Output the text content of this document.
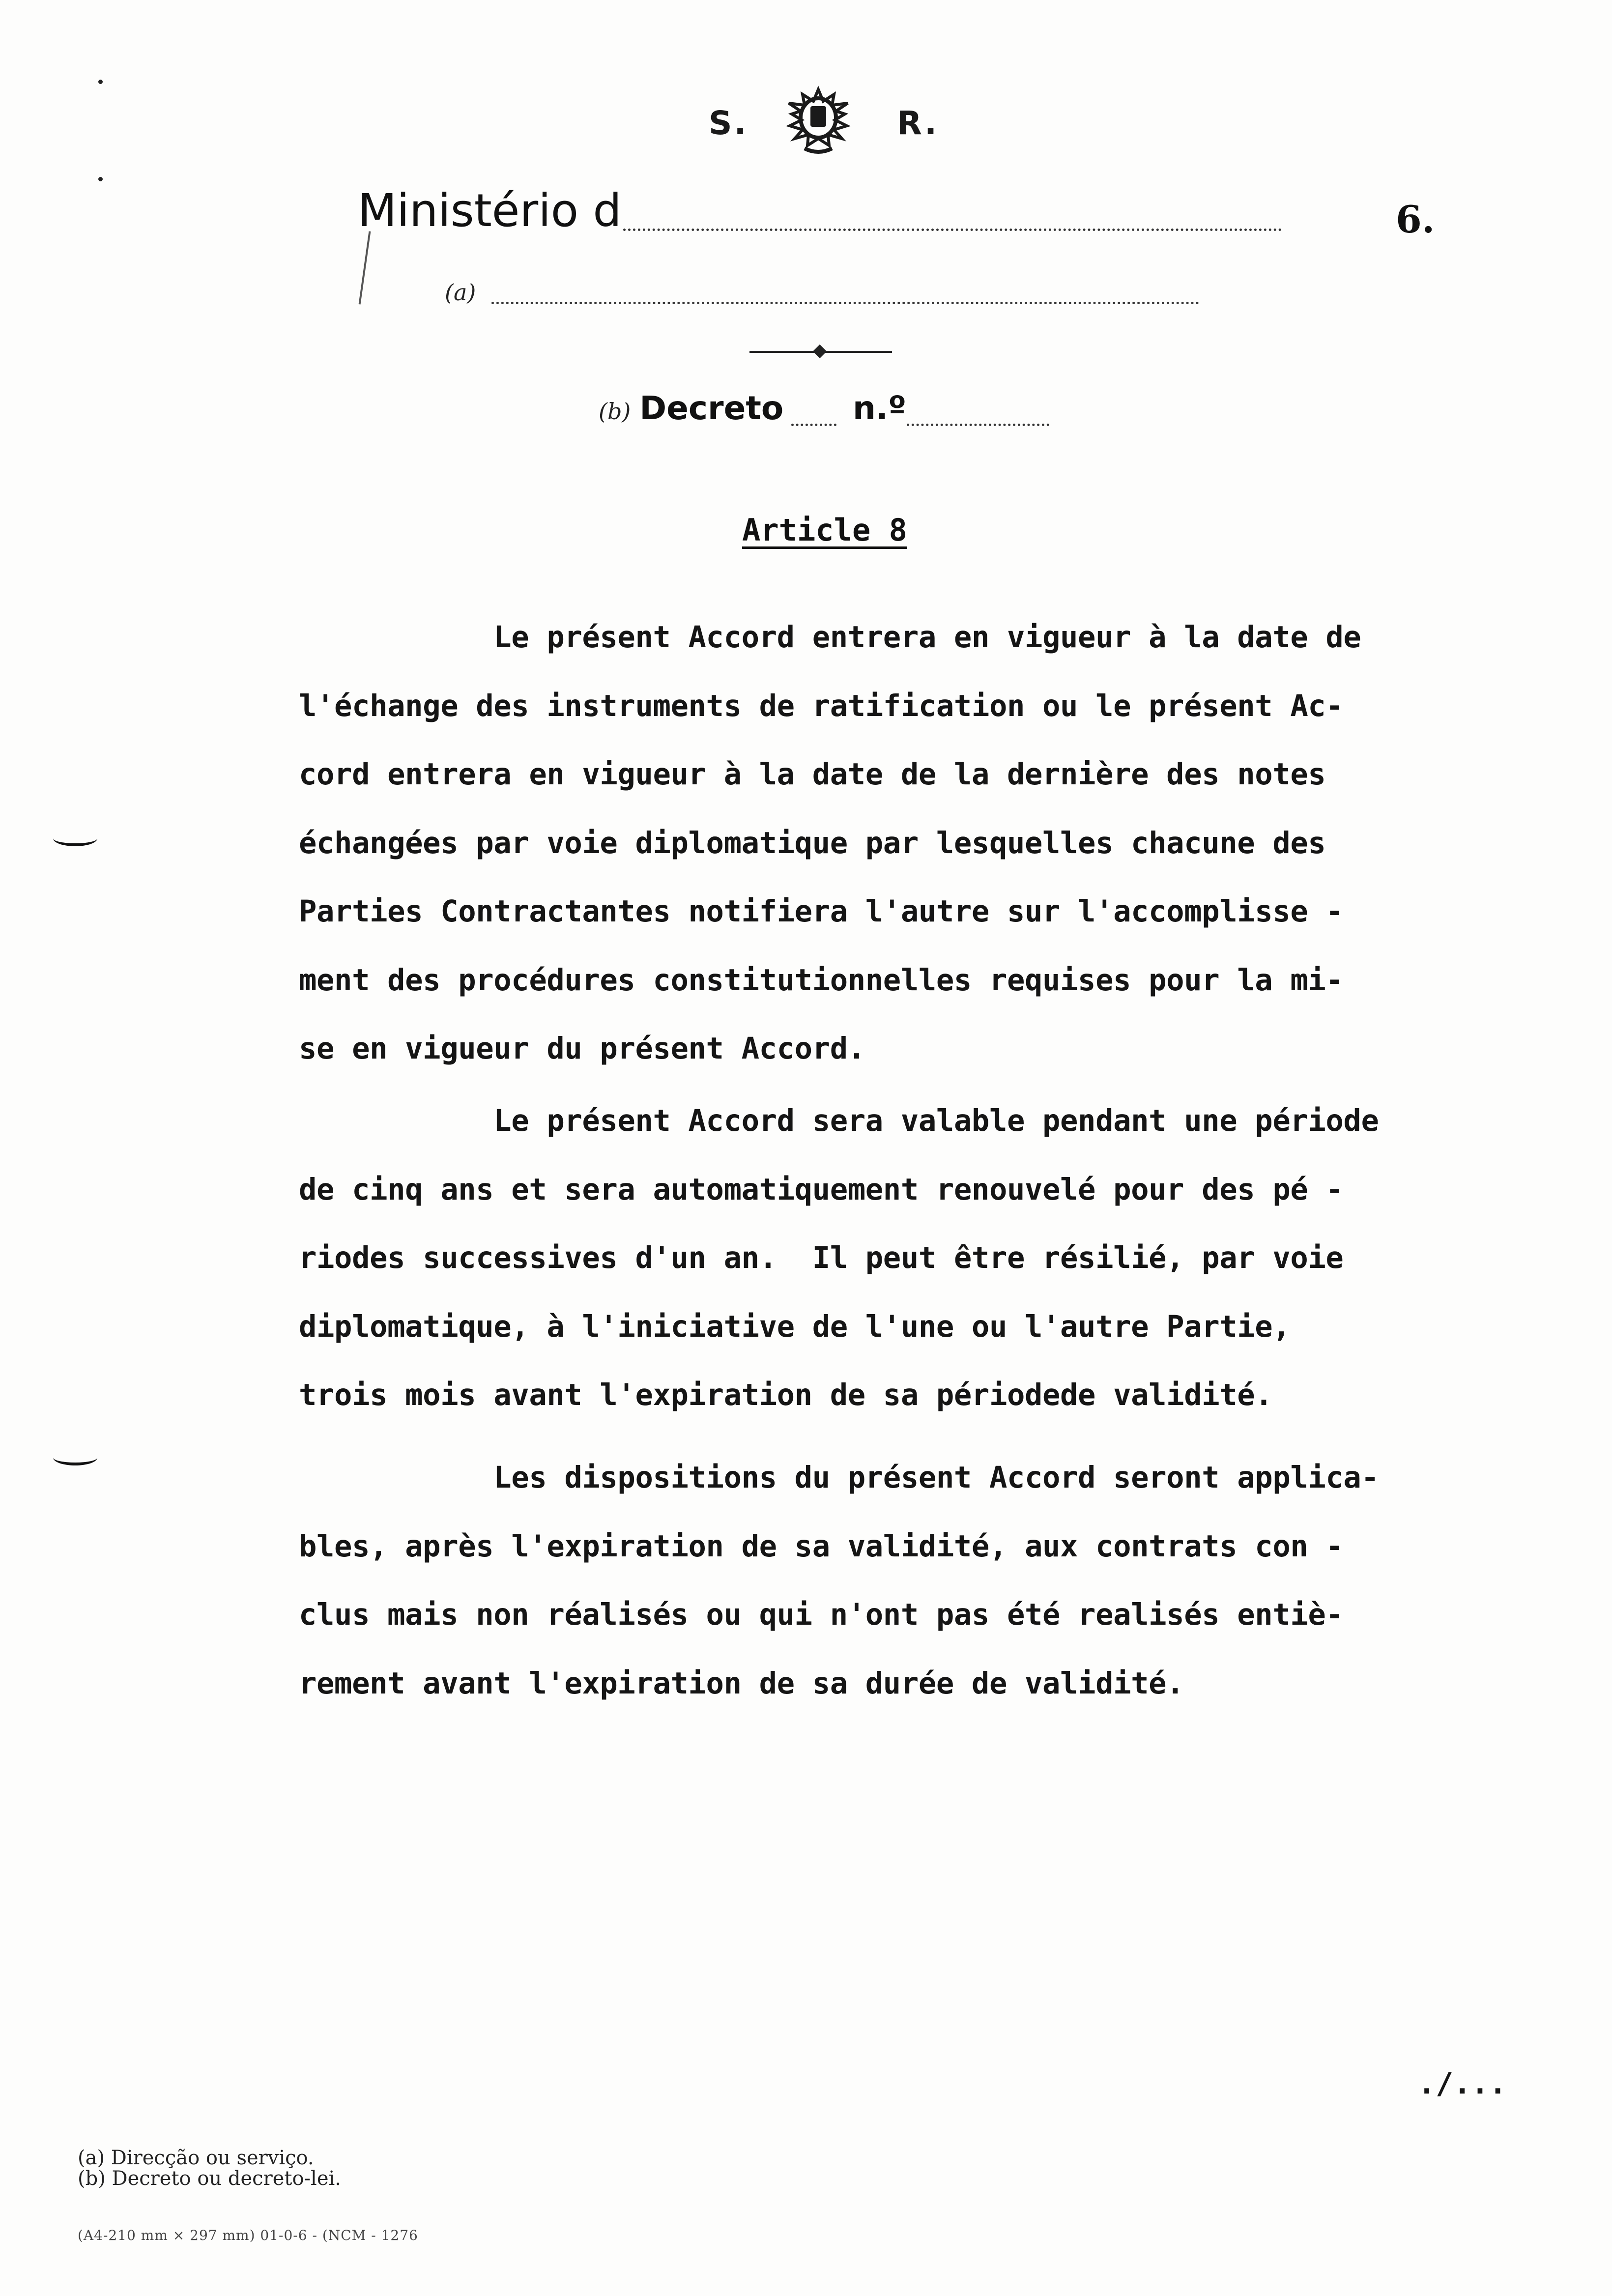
S.	R.
Ministério d	6.
(a)
(b) Decreto n.º
Article 8
Le présent Accord entrera en vigueur à la date de
l'échange des instruments de ratification ou le présent Ac-
cord entrera en vigueur à la date de la dernière des notes
échangées par voie diplomatique par lesquelles chacune des
Parties Contractantes notifiera l'autre sur l'accomplisse -
ment des procédures constitutionnelles requises pour la mi-
se en vigueur du présent Accord.
Le présent Accord sera valable pendant une période
de cinq ans et sera automatiquement renouvelé pour des pé -
riodes successives d'un an.  Il peut être résilié, par voie
diplomatique, à l'iniciative de l'une ou l'autre Partie,
trois mois avant l'expiration de sa périodede validité.
Les dispositions du présent Accord seront applica-
bles, après l'expiration de sa validité, aux contrats con -
clus mais non réalisés ou qui n'ont pas été realisés entiè-
rement avant l'expiration de sa durée de validité.
./...
(a) Direcção ou serviço.
(b) Decreto ou decreto-lei.
(A4-210 mm × 297 mm) 01-0-6 - (NCM - 1276
